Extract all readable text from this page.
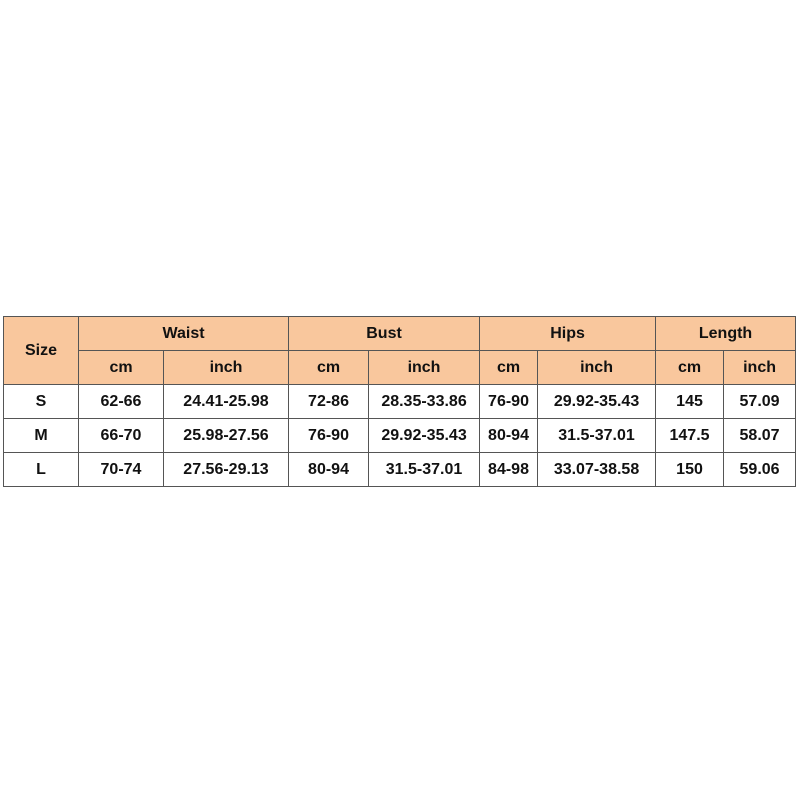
Size	Waist		Bust		Hips		Length	
	cm	inch	cm	inch	cm	inch	cm	inch
S	62-66	24.41-25.98	72-86	28.35-33.86	76-90	29.92-35.43	145	57.09
M	66-70	25.98-27.56	76-90	29.92-35.43	80-94	31.5-37.01	147.5	58.07
L	70-74	27.56-29.13	80-94	31.5-37.01	84-98	33.07-38.58	150	59.06
